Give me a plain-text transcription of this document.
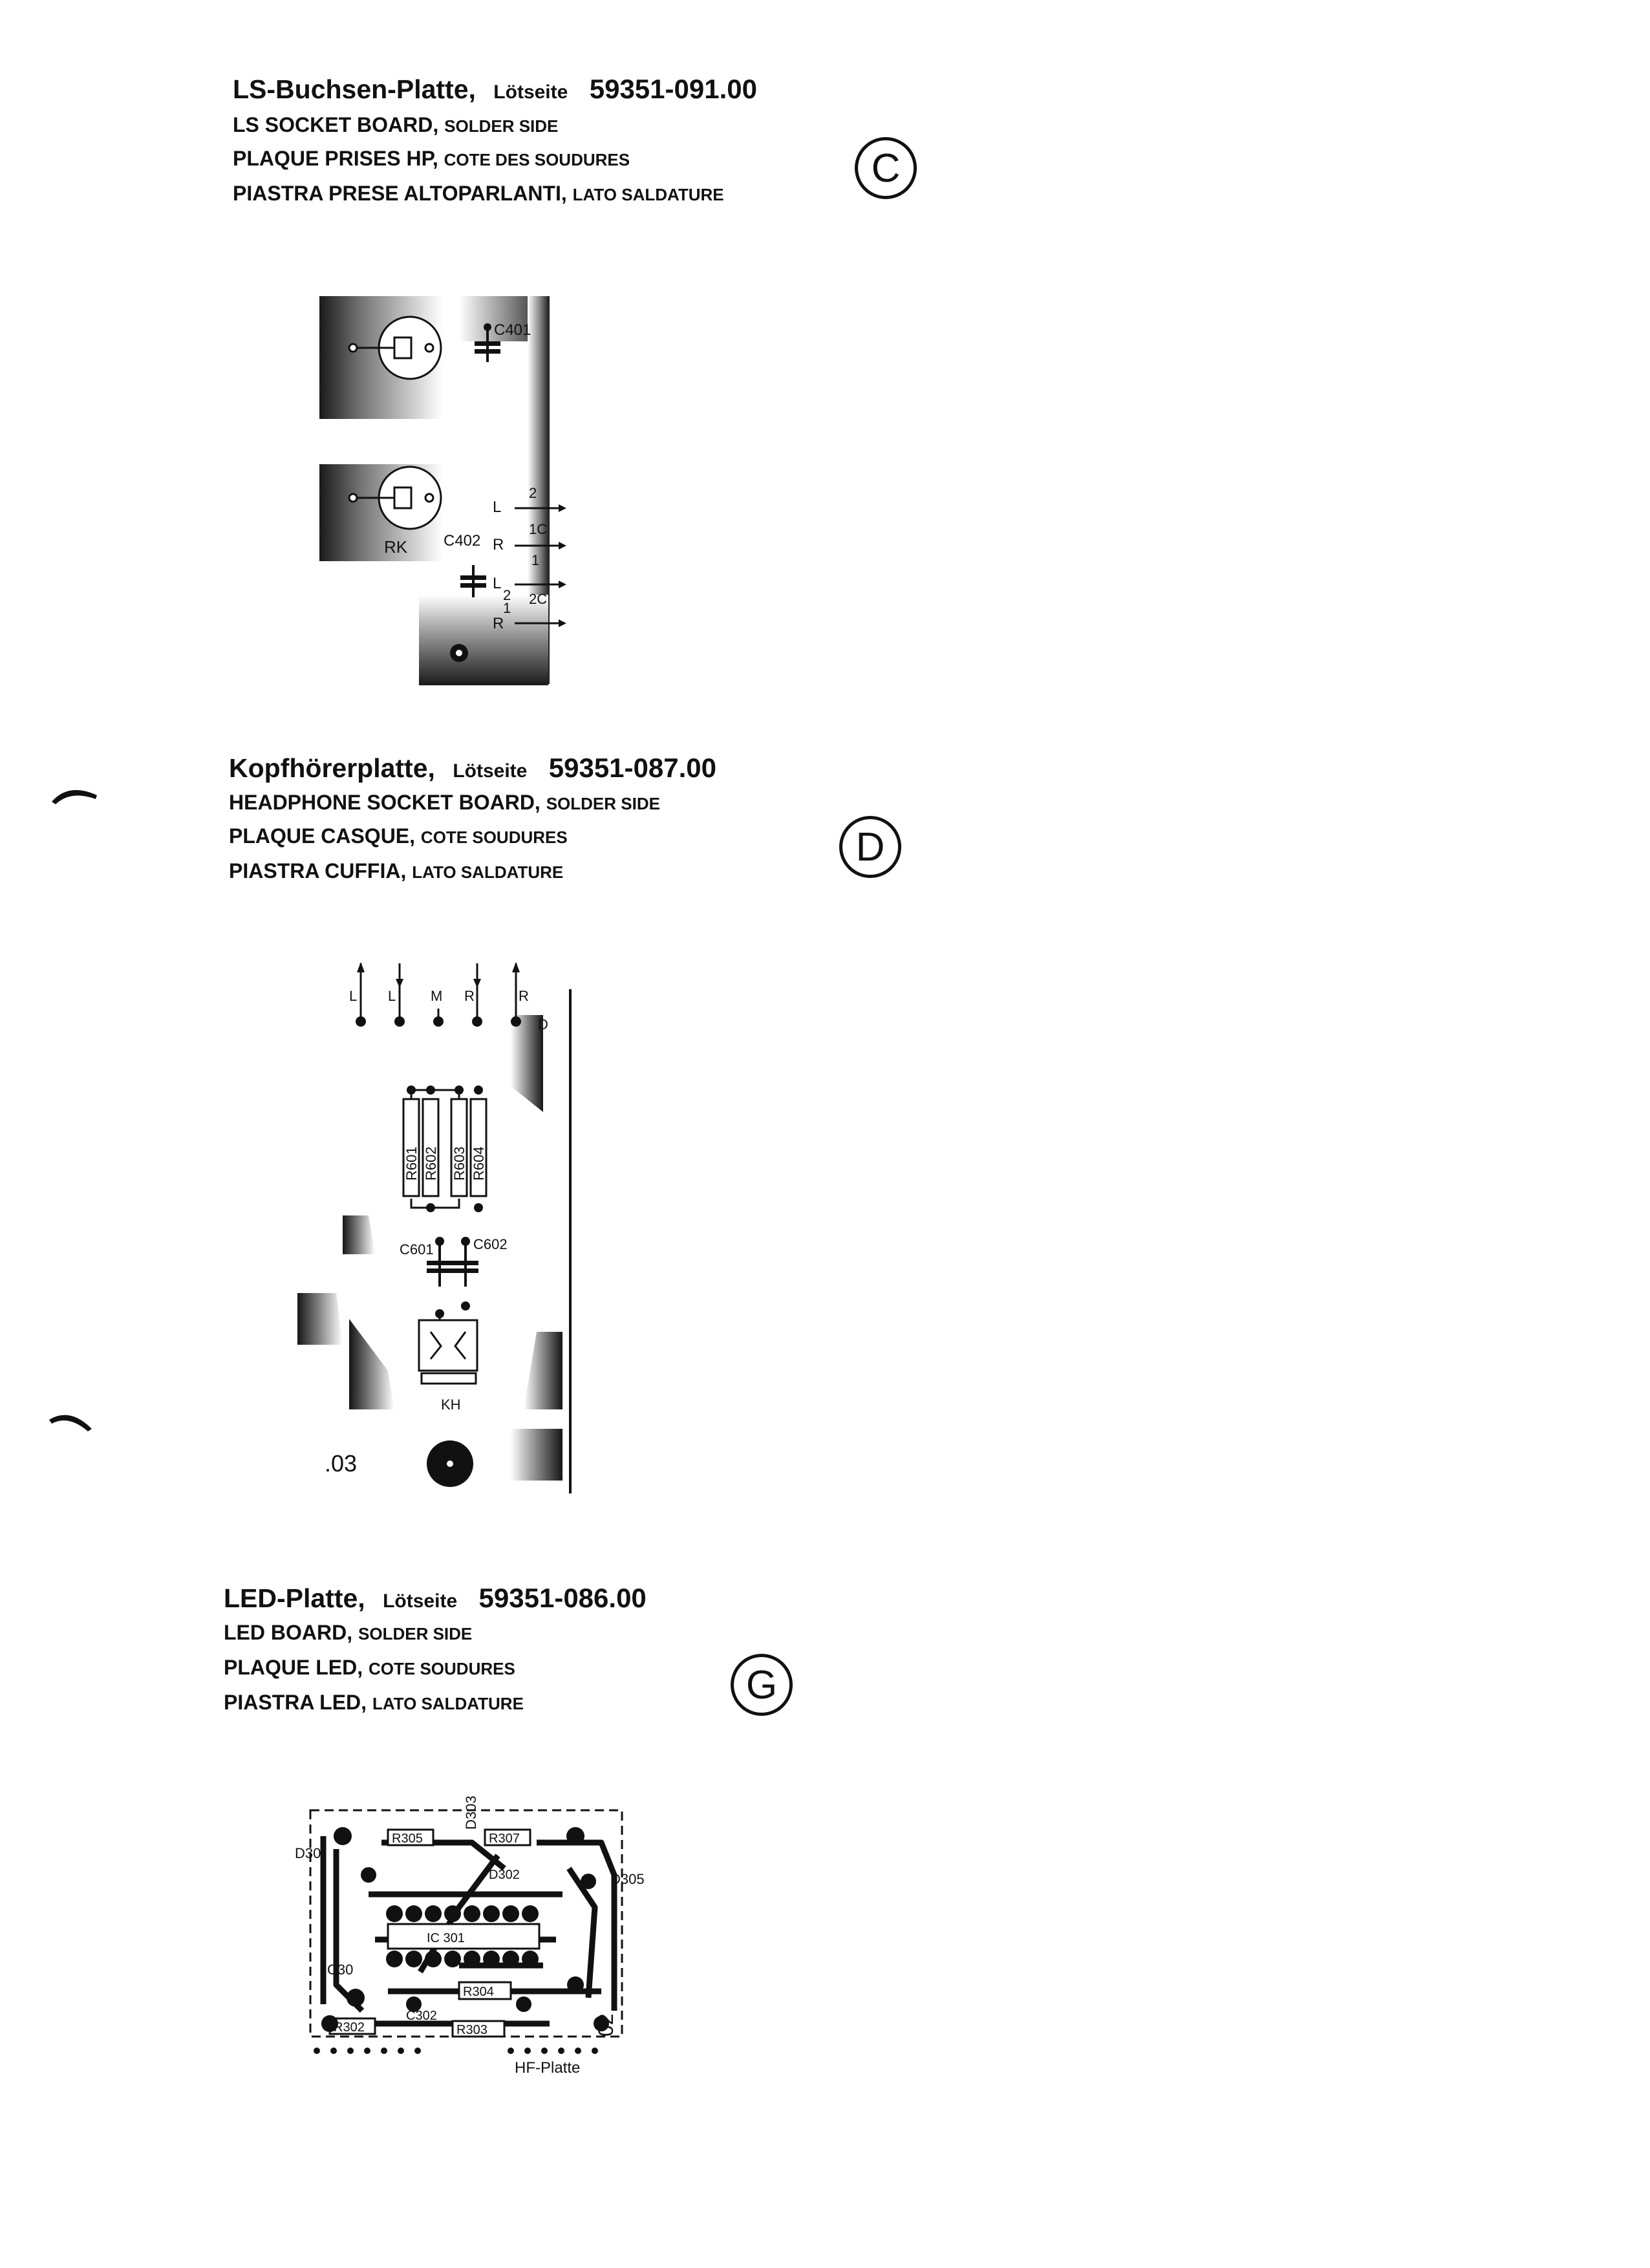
LS-Buchsen-Platte, Lötseite 59351-091.00
LS SOCKET BOARD, SOLDER SIDE
PLAQUE PRISES HP, COTE DES SOUDURES
PIASTRA PRESE ALTOPARLANTI, LATO SALDATURE
C
C401
C402
RK
L
2
1C
R
1
L
2 2C
1
R
Kopfhörerplatte, Lötseite 59351-087.00
HEADPHONE SOCKET BOARD, SOLDER SIDE
PLAQUE CASQUE, COTE SOUDURES
PIASTRA CUFFIA, LATO SALDATURE
D
L L M R	R
D
R601 R602 R603 R604
C601	C602
KH
.03
LED-Platte, Lötseite 59351-086.00
LED BOARD, SOLDER SIDE
PLAQUE LED, COTE SOUDURES
PIASTRA LED, LATO SALDATURE	G
D30
D303
D305
R305	R307
D302
IC 301
C30
R304
C302
R302	R303	02
HF-Platte
